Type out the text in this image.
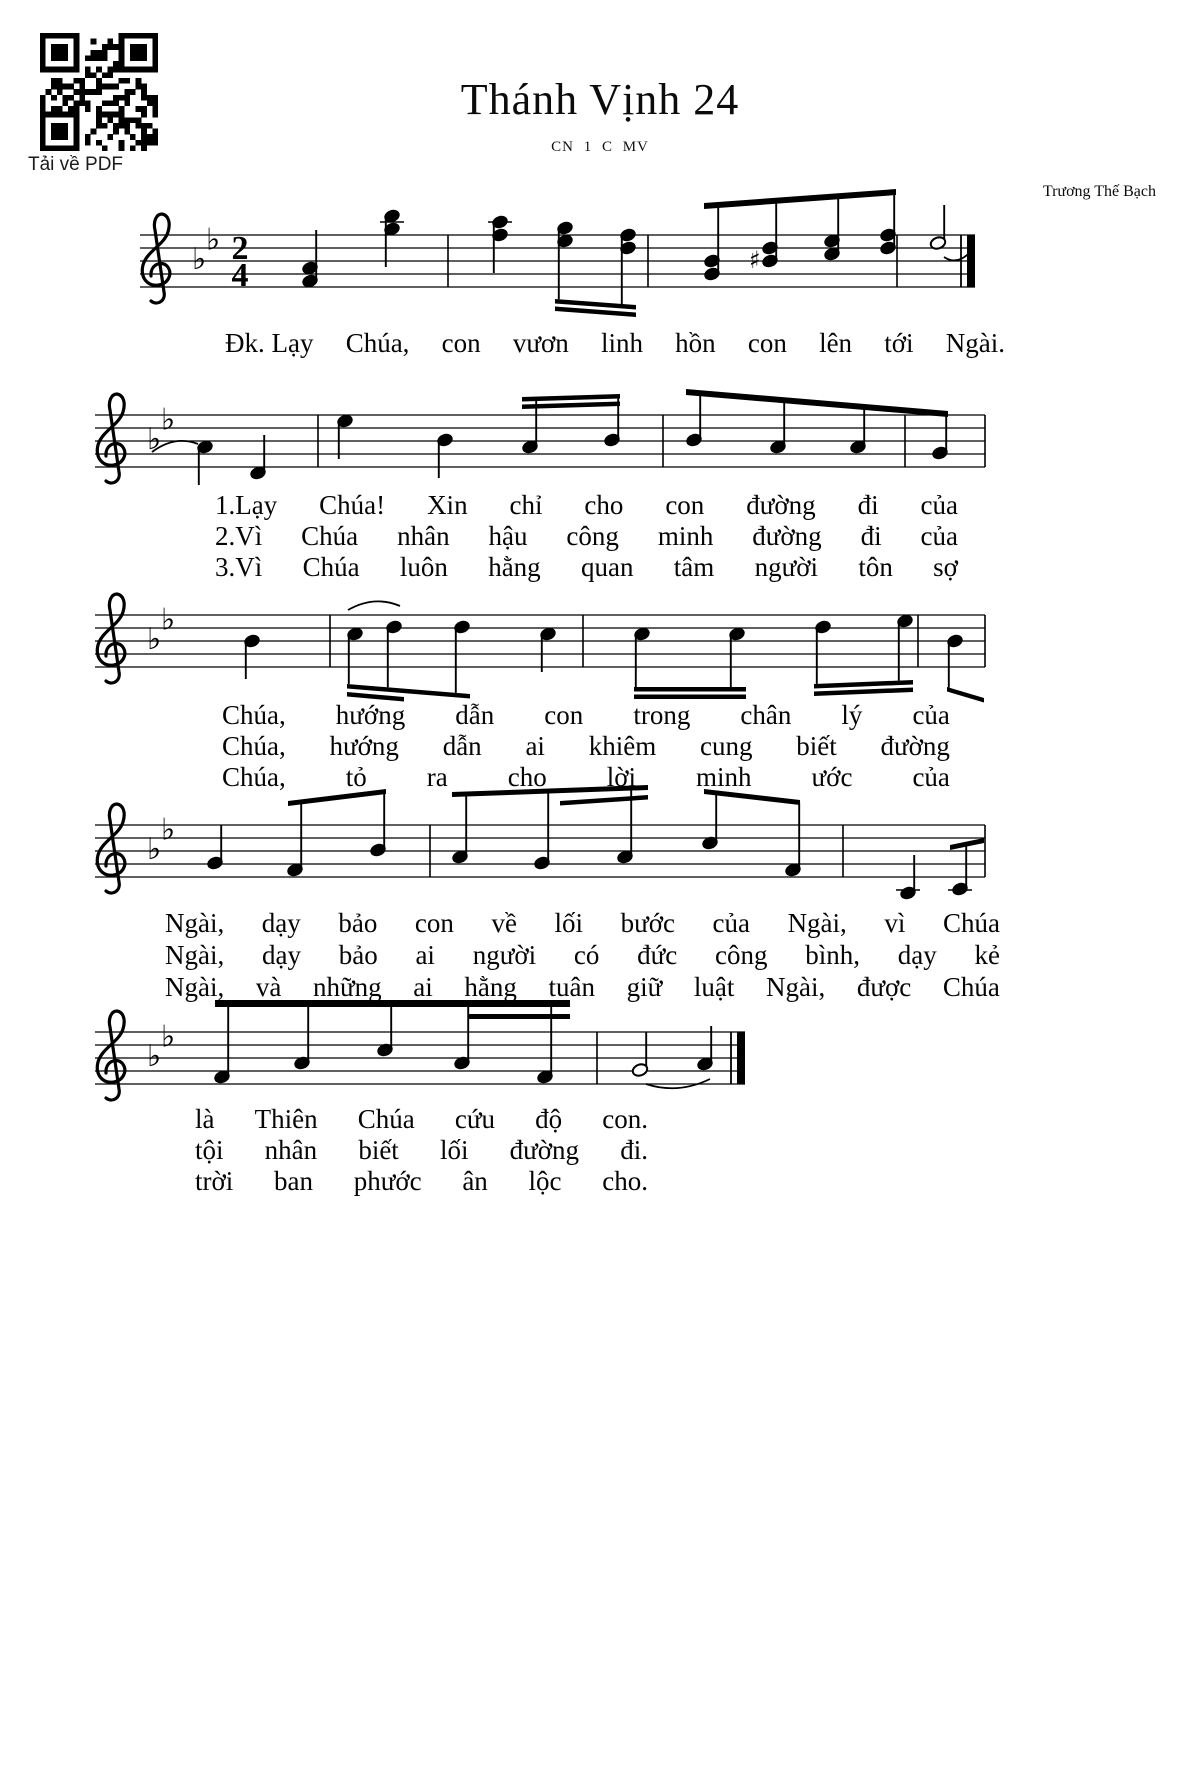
♭
♭ 2
4	♯
♭
♭
♭
♭
♭
♭
♭
♭
Tải về PDF
Thánh Vịnh 24
CN 1 C MV
Trương Thế Bạch
Đk. Lạy Chúa, con vươn linh hồn con lên tới Ngài.
1.Lạy Chúa! Xin chỉ cho con đường đi của
2.Vì Chúa nhân hậu công minh đường đi của
3.Vì Chúa luôn hằng quan tâm người tôn sợ
Chúa, hướng dẫn con trong chân lý của
Chúa, hướng dẫn ai khiêm cung biết đường
Chúa, tỏ ra cho lời minh ước của
Ngài, dạy bảo con về lối bước của Ngài, vì Chúa
Ngài, dạy bảo ai người có đức công bình, dạy kẻ
Ngài, và những ai hằng tuân giữ luật Ngài, được Chúa
là Thiên Chúa cứu độ con.
tội nhân biết lối đường đi.
trời ban phước ân lộc cho.
